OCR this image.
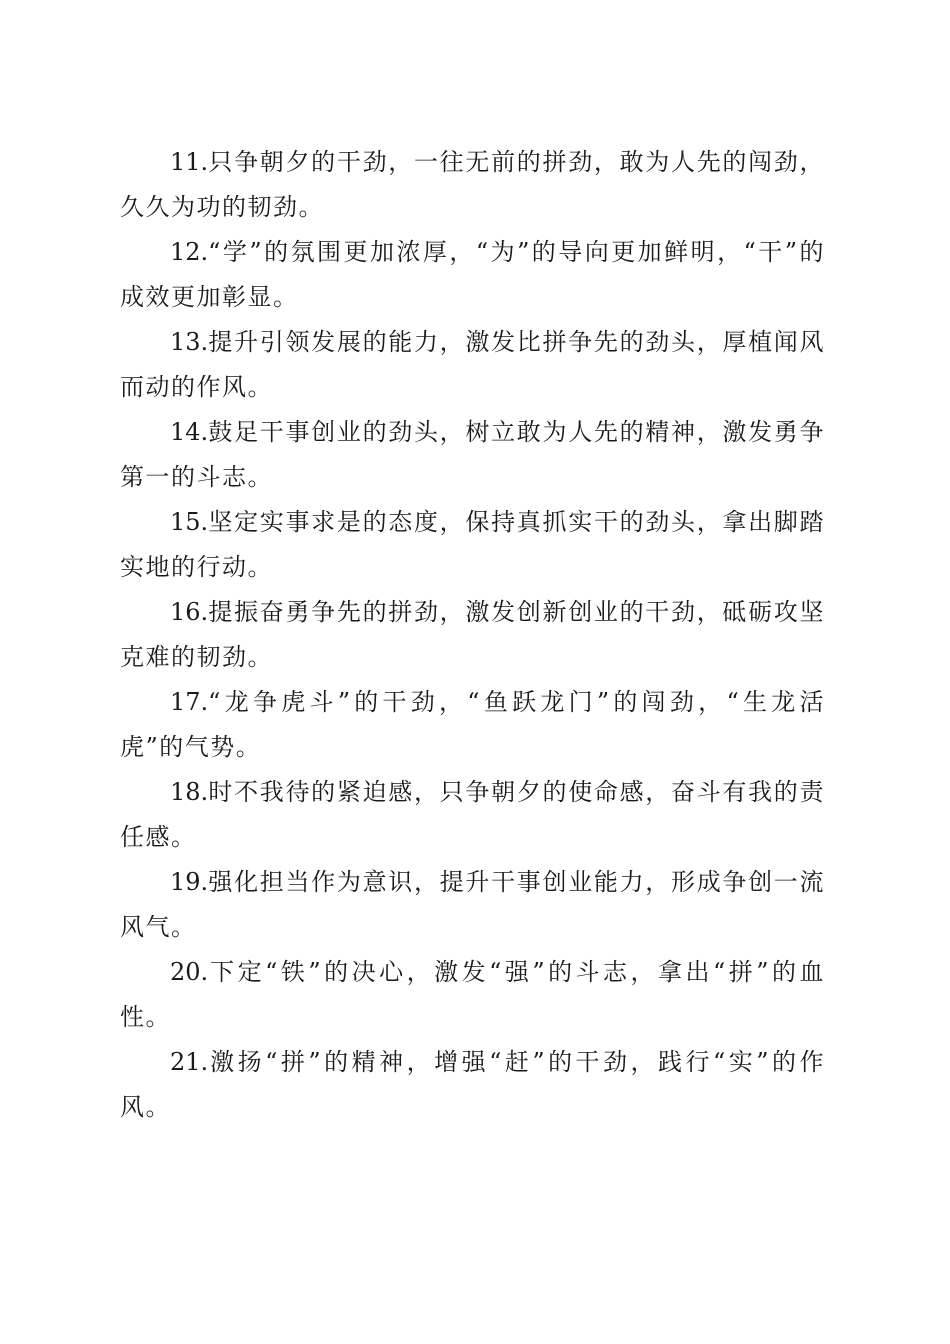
11.只争朝夕的干劲，一往无前的拼劲，敢为人先的闯劲，久久为功的韧劲。

12.“学”的氛围更加浓厚，“为”的导向更加鲜明，“干”的成效更加彰显。

13.提升引领发展的能力，激发比拼争先的劲头，厚植闻风而动的作风。

14.鼓足干事创业的劲头，树立敢为人先的精神，激发勇争第一的斗志。

15.坚定实事求是的态度，保持真抓实干的劲头，拿出脚踏实地的行动。

16.提振奋勇争先的拼劲，激发创新创业的干劲，砥砺攻坚克难的韧劲。

17.“龙争虎斗”的干劲，“鱼跃龙门”的闯劲，“生龙活虎”的气势。

18.时不我待的紧迫感，只争朝夕的使命感，奋斗有我的责任感。

19.强化担当作为意识，提升干事创业能力，形成争创一流风气。

20.下定“铁”的决心，激发“强”的斗志，拿出“拼”的血性。

21.激扬“拼”的精神，增强“赶”的干劲，践行“实”的作风。
